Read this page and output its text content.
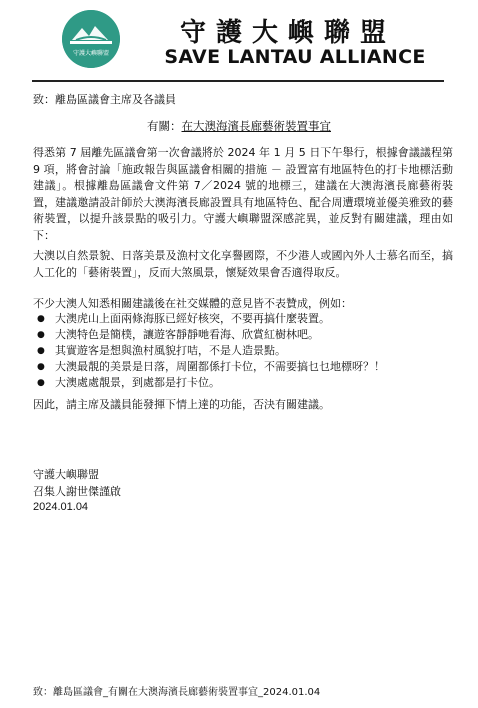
守護大嶼聯盟
守護大嶼聯盟
SAVE LANTAU ALLIANCE
致：離島區議會主席及各議員
有關：在大澳海濱長廊藝術裝置事宜
得悉第 7 屆離先區議會第一次會議將於 2024 年 1 月 5 日下午舉行，根據會議議程第 9 項，將會討論「施政報告與區議會相關的措施 － 設置富有地區特色的打卡地標活動建議」。根據離島區議會文件第 7／2024 號的地標三，建議在大澳海濱長廊藝術裝置，建議邀請設計師於大澳海濱長廊設置具有地區特色、配合周遭環境並優美雅致的藝術裝置，以提升該景點的吸引力。守護大嶼聯盟深感詫異，並反對有關建議，理由如下：
大澳以自然景貌、日落美景及漁村文化享譽國際，不少港人或國內外人士慕名而至，搞人工化的「藝術裝置」，反而大煞風景，懷疑效果會否適得取反。
不少大澳人知悉相關建議後在社交媒體的意見皆不表贊成，例如：
● 大澳虎山上面兩條海豚已經好核突，不要再搞什麼裝置。
● 大澳特色是簡樸，讓遊客靜靜哋看海、欣賞紅樹林吧。
● 其實遊客是想與漁村風貌打咭，不是人造景點。
● 大澳最靚的美景是日落，周圍都係打卡位，不需要搞乜乜地標呀？！
● 大澳處處靚景，到處都是打卡位。
因此，請主席及議員能發揮下情上達的功能，否決有關建議。
守護大嶼聯盟
召集人謝世傑謹啟
2024.01.04
致：離島區議會_有關在大澳海濱長廊藝術裝置事宜_2024.01.04
